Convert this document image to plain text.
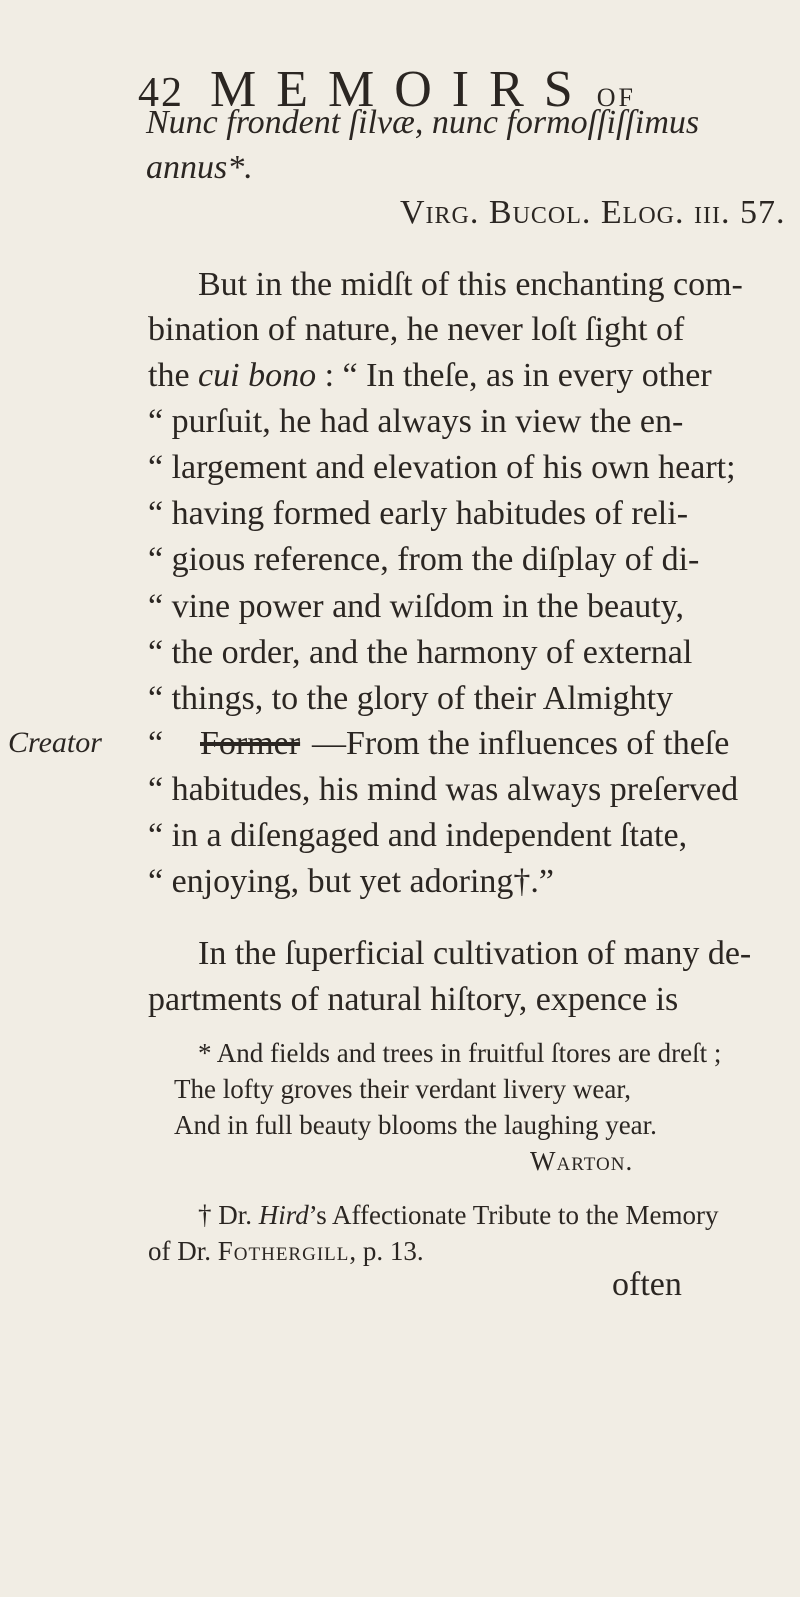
42 MEMOIRS OF
Nunc frondent ſilvæ, nunc formoſſiſſimus
annus*.
Virg. Bucol. Elog. iii. 57.
But in the midſt of this enchanting com-
bination of nature, he never loſt ſight of
the cui bono : “ In theſe, as in every other
“ purſuit, he had always in view the en-
“ largement and elevation of his own heart;
“ having formed early habitudes of reli-
“ gious reference, from the diſplay of di-
“ vine power and wiſdom in the beauty,
“ the order, and the harmony of external
“ things, to the glory of their Almighty
Creator “ Former —From the influences of theſe
“ habitudes, his mind was always preſerved
“ in a diſengaged and independent ſtate,
“ enjoying, but yet adoring†.”
In the ſuperficial cultivation of many de-
partments of natural hiſtory, expence is
* And fields and trees in fruitful ſtores are dreſt ;
The lofty groves their verdant livery wear,
And in full beauty blooms the laughing year.
Warton.
† Dr. Hird’s Affectionate Tribute to the Memory
of Dr. Fothergill, p. 13.
often
